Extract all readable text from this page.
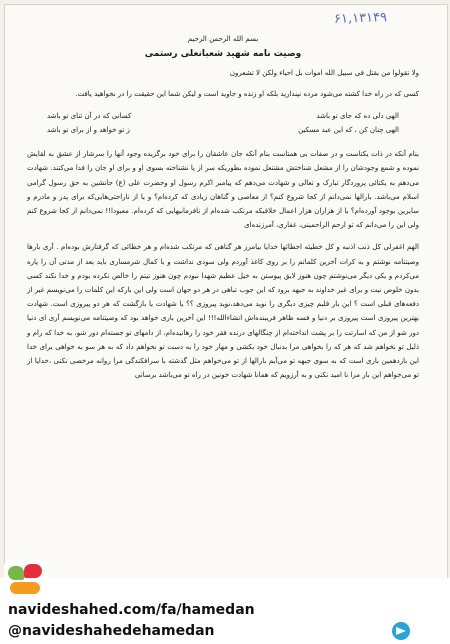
۶۱,۱۳۱۴۹
بسم الله الرحمن الرحیم
وصیت نامه شهید شعبانعلی رستمی
ولا تقولوا من یقتل فی سبیل الله اموات بل احیاء ولکن لا تشعرون

کسی که در راه خدا کشته می‌شود مرده نپندارید بلکه او زنده و جاوید است و لیکن شما این حقیقت را در نخواهید یافت.

الهی دلی ده که جای تو باشد
کسانی که در آن ثنای تو باشد
الهی چنان کن ، که این عبد مسکین
ز تو خواهد و از برای تو باشد

بنام آنکه در ذات یکتاست و در صفات بی همتاست بنام آنکه جان عاشقان را برای خود برگزیده وجود آنها را سرشار از عشق به لقایش نموده و شمع وجودشان را از مشعل شناختش مشتعل نموده بطوریکه سر از پا نشناخته بسوی او و برای او جان را فدا می‌کنند. شهادت می‌دهم به یکتائی پروردگار تبارک و تعالی و شهادت می‌دهم که پیامبر اکرم رسول او وحضرت علی (ع) جانشین به حق رسول گرامی اسلام می‌باشد. بارالها نمی‌دانم از کجا شروع کنم؟ از معاصی و گناهان زیادی که کرده‌ام؟ و یا از ناراحتی‌هایی‌که برای پدر و مادرم و سایرین بوجود آورده‌ام؟ یا از هزاران هزار اعمال خلافیکه مرتکب شده‌ام از نافرمانیهایی که کرده‌ام. معبودا!! نمی‌دانم از کجا شروع کنم ولی این را می‌دانم که تو ارحم الراحمینی، غفاری، آمرزنده‌ای

الهم اغفرلی کل ذنب اذنبه و کل خطیئه اخطائها خدایا بیامرز هر گناهی که مرتکب شده‌ام و هر خطائی که گرفتارش بوده‌ام . آری بارها وصیتنامه نوشتم و به کرات آخرین کلماتم را بر روی کاغذ آوردم ولی سودی نداشت و با کمال شرمساری باید بعد از مدتی آن را پاره می‌کردم و یکی دیگر می‌نوشتم چون هنوز لایق پیوستن به خیل عظیم شهدا نبودم چون هنوز تیتم را خالص نکرده بودم و خدا نکند کسی بدون خلوص نیت و برای غیر خداوند به جبهه برود که این جوب تباهی در هر دو جهان است ولی این بارکه این کلمات را می‌نویسم غیر از دفعه‌های قبلی است ؟ این بار قلبم چیزی دیگری را نوید می‌دهد،نوید پیروزی ؟؟ یا شهادت یا بازگشت که هر دو پیروزی است. شهادت بهترین پیروزی است پیروزی بر دنیا و فسه ظاهر فریبنده‌اش انشاءالله!!! این آخرین باری خواهد بود که وصیتنامه می‌نویسم آری ای دنیا دور شو از من که اسارتت را بر پشت انداخته‌ام از چنگالهای درنده فقر خود را رهانیده‌ام، از دامهای تو جسته‌ام دور شو، به خدا که رام و ذلیل تو نخواهم شد که هر که را بخواهی مرا بدنبال خود بکشی و مهار خود را به دست تو نخواهم داد که به هر سو به خواهی برای خدا این بازدهمین باری است که به سوی جبهه تو می‌آیم بارالها از تو می‌خواهم مثل گذشته با سرافکندگی مرا روانه مرخصی نکنی ،خدایا از تو می‌خواهم این بار مرا نا امید نکنی و به آرزویم که همانا شهادت خونین در راه تو می‌باشد برسانی

navideshahed.com/fa/hamedan
@navideshahedehamedan
